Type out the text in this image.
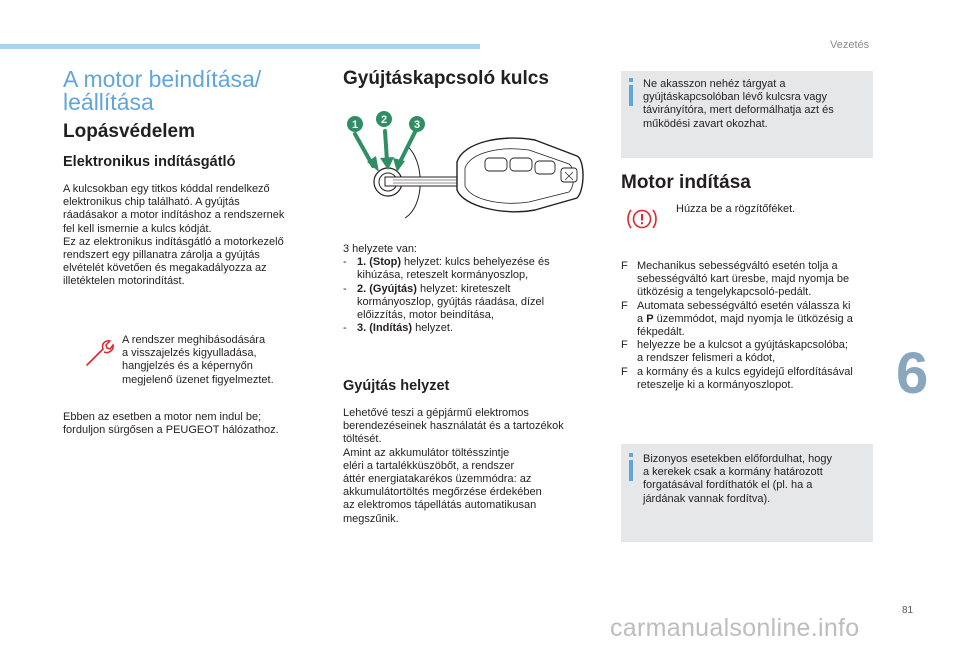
Vezetés
6
81
carmanualsonline.info
A motor beindítása/ leállítása
Lopásvédelem
Elektronikus indításgátló

A kulcsokban egy titkos kóddal rendelkező

elektronikus chip található. A gyújtás

ráadásakor a motor indításhoz a rendszernek

fel kell ismernie a kulcs kódját.

Ez az elektronikus indításgátló a motorkezelő

rendszert egy pillanatra zárolja a gyújtás

elvételét követően és megakadályozza az

illetéktelen motorindítást.

A rendszer meghibásodására

a visszajelzés kigyulladása,

hangjelzés és a képernyőn

megjelenő üzenet figyelmeztet.

Ebben az esetben a motor nem indul be;

forduljon sürgősen a PEUGEOT hálózathoz.

Gyújtáskapcsoló kulcs
1 2 3

3 helyzete van:

- 1. (Stop) helyzet: kulcs behelyezése és
kihúzása, reteszelt kormányoszlop,
- 2. (Gyújtás) helyzet: kireteszelt
kormányoszlop, gyújtás ráadása, dízel
előizzítás, motor beindítása,
- 3. (Indítás) helyzet.
Gyújtás helyzet

Lehetővé teszi a gépjármű elektromos

berendezéseinek használatát és a tartozékok

töltését.

Amint az akkumulátor töltésszintje

eléri a tartalékküszöbőt, a rendszer

áttér energiatakarékos üzemmódra: az

akkumulátortöltés megőrzése érdekében

az elektromos tápellátás automatikusan

megszűnik.

Ne akasszon nehéz tárgyat a

gyújtáskapcsolóban lévő kulcsra vagy

távirányítóra, mert deformálhatja azt és

működési zavart okozhat.

Motor indítása
Húzza be a rögzítőféket.
F Mechanikus sebességváltó esetén tolja a
sebességváltó kart üresbe, majd nyomja be
ütközésig a tengelykapcsoló-pedált.
F Automata sebességváltó esetén válassza ki
a P üzemmódot, majd nyomja le ütközésig a
fékpedált.
F helyezze be a kulcsot a gyújtáskapcsolóba;
a rendszer felismeri a kódot,
F a kormány és a kulcs egyidejű elfordításával
reteszelje ki a kormányoszlopot.

Bizonyos esetekben előfordulhat, hogy

a kerekek csak a kormány határozott

forgatásával fordíthatók el (pl. ha a

járdának vannak fordítva).
